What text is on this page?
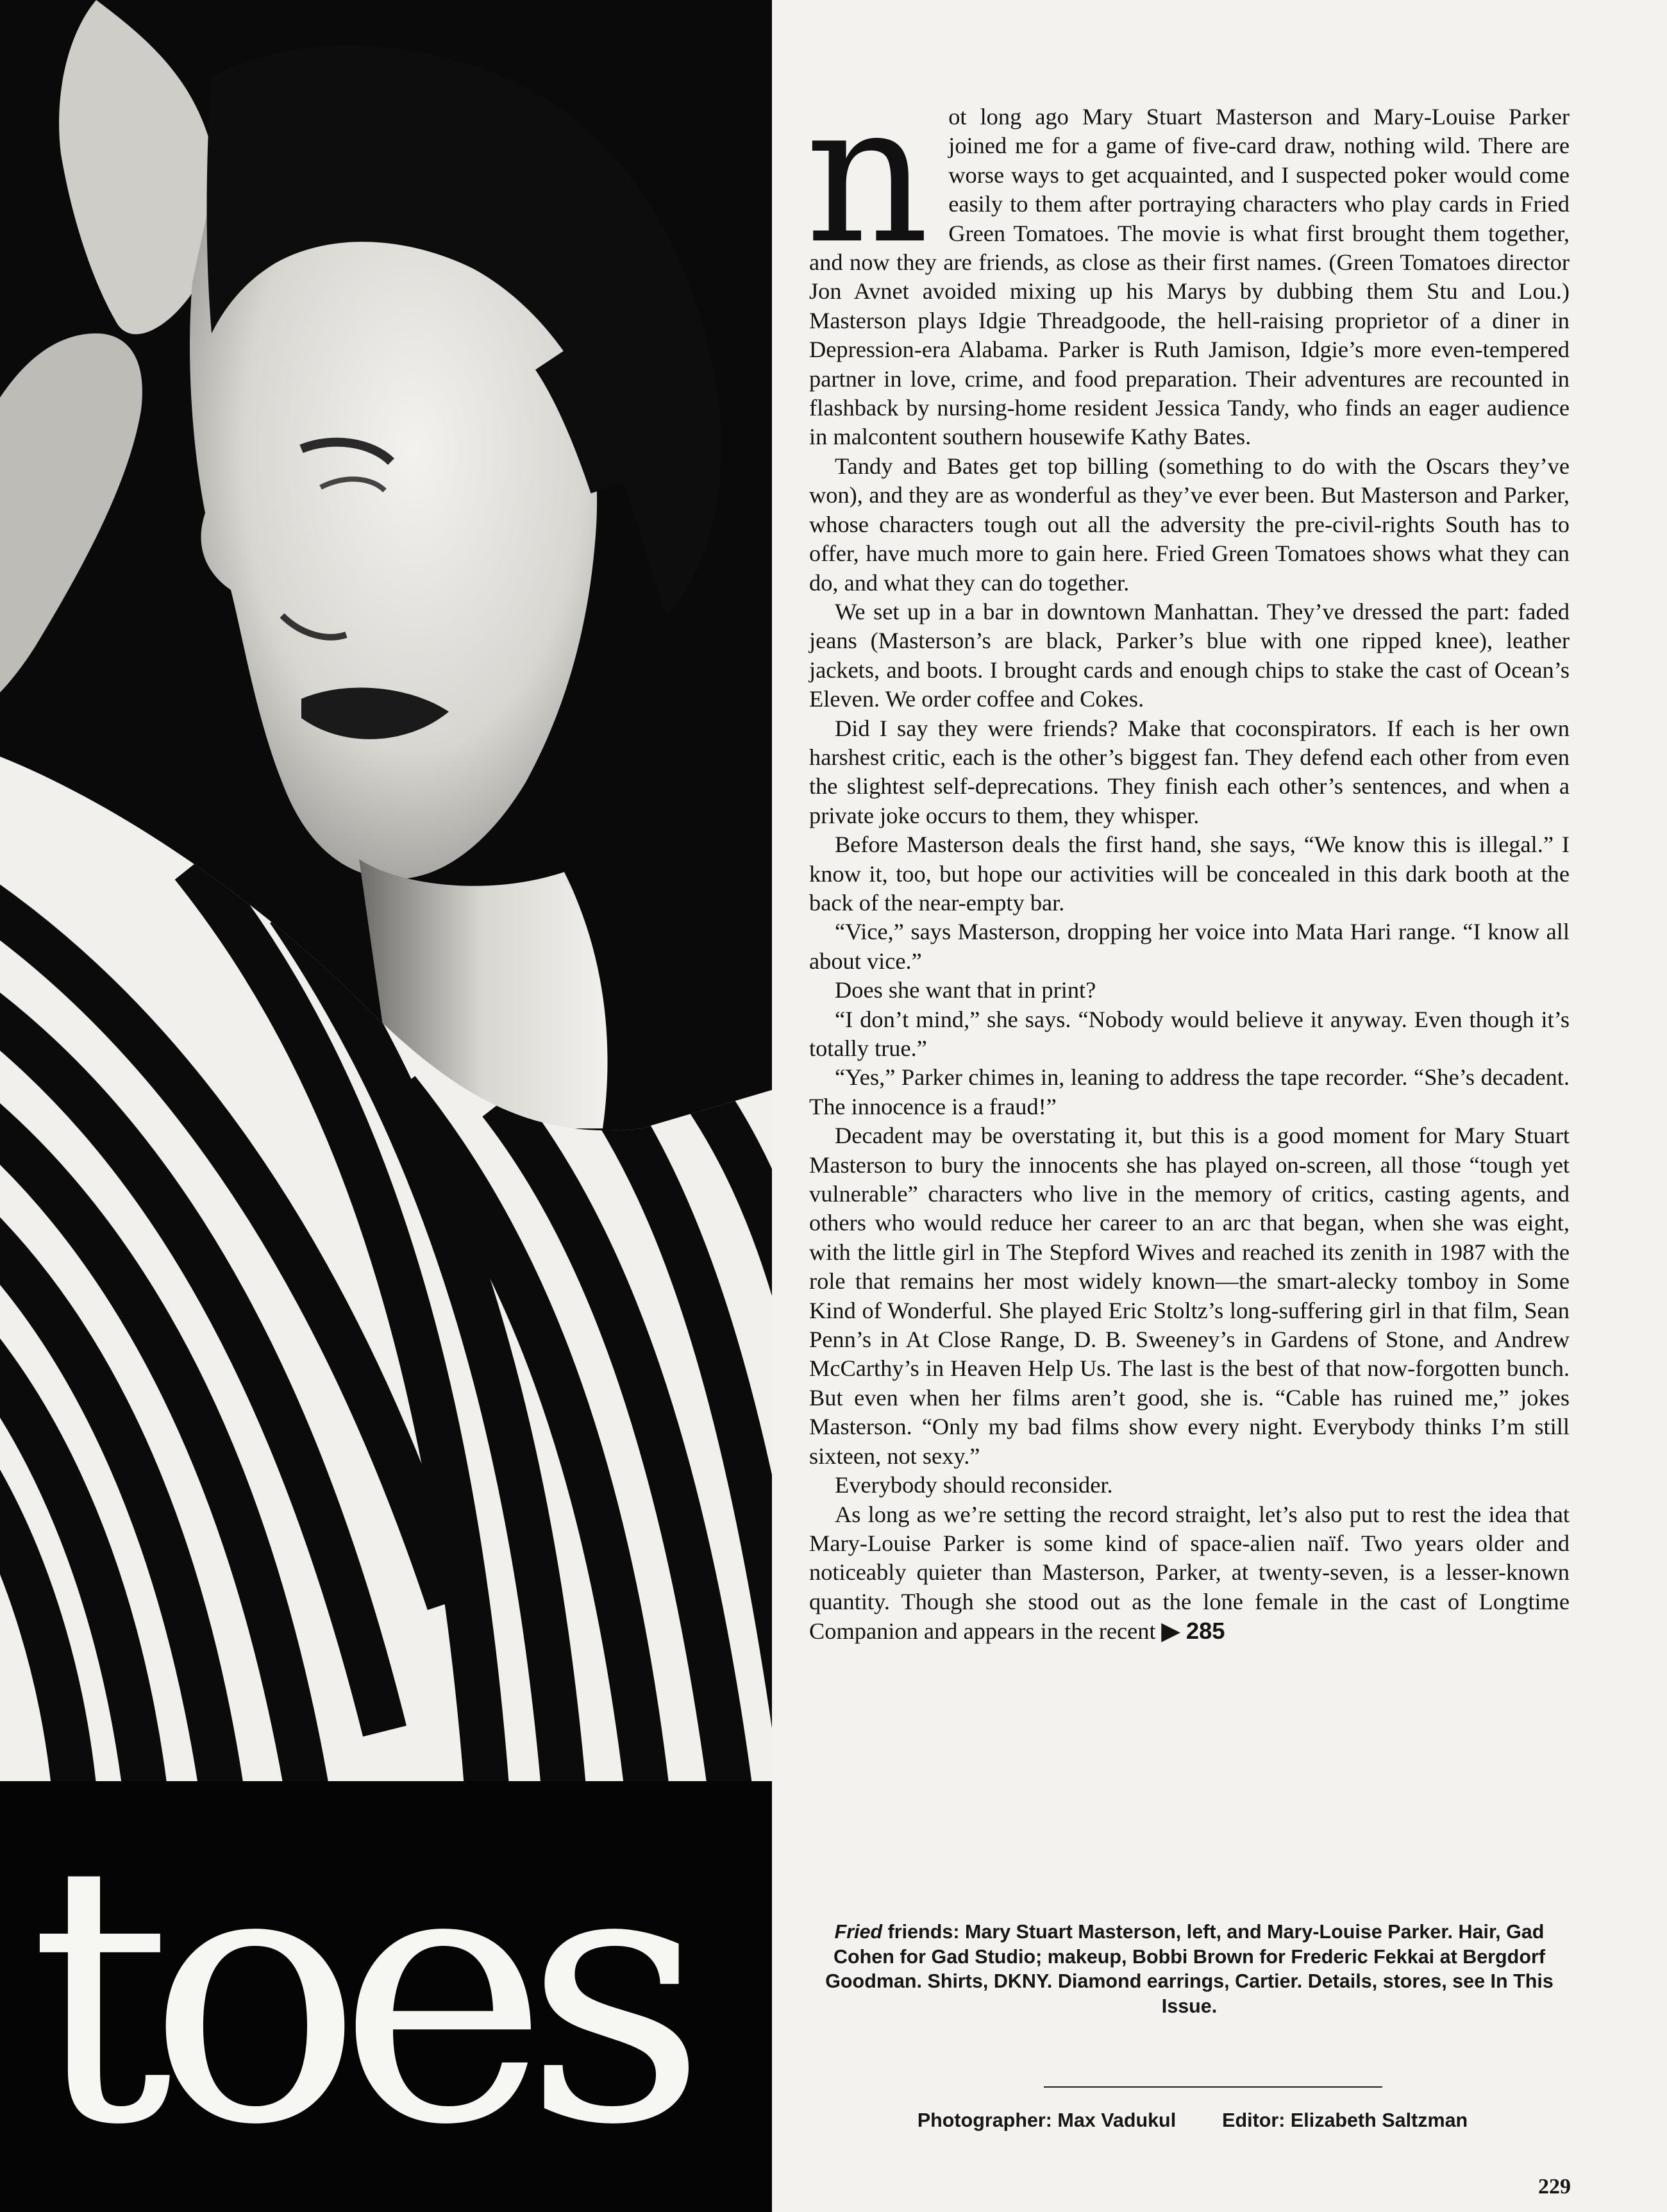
toes

not long ago Mary Stuart Masterson and Mary-Louise Parker joined me for a game of five-card draw, nothing wild. There are worse ways to get acquainted, and I suspected poker would come easily to them after portraying characters who play cards in Fried Green Tomatoes. The movie is what first brought them together, and now they are friends, as close as their first names. (Green Tomatoes director Jon Avnet avoided mixing up his Marys by dubbing them Stu and Lou.) Masterson plays Idgie Threadgoode, the hell-raising proprietor of a diner in Depression-era Alabama. Parker is Ruth Jamison, Idgie’s more even-tempered partner in love, crime, and food preparation. Their adventures are recounted in flashback by nursing-home resident Jessica Tandy, who finds an eager audience in malcontent southern housewife Kathy Bates.

Tandy and Bates get top billing (something to do with the Oscars they’ve won), and they are as wonderful as they’ve ever been. But Masterson and Parker, whose characters tough out all the adversity the pre-civil-rights South has to offer, have much more to gain here. Fried Green Tomatoes shows what they can do, and what they can do together.

We set up in a bar in downtown Manhattan. They’ve dressed the part: faded jeans (Masterson’s are black, Parker’s blue with one ripped knee), leather jackets, and boots. I brought cards and enough chips to stake the cast of Ocean’s Eleven. We order coffee and Cokes.

Did I say they were friends? Make that coconspirators. If each is her own harshest critic, each is the other’s biggest fan. They defend each other from even the slightest self-deprecations. They finish each other’s sentences, and when a private joke occurs to them, they whisper.

Before Masterson deals the first hand, she says, “We know this is illegal.” I know it, too, but hope our activities will be concealed in this dark booth at the back of the near-empty bar.

“Vice,” says Masterson, dropping her voice into Mata Hari range. “I know all about vice.”

Does she want that in print?

“I don’t mind,” she says. “Nobody would believe it anyway. Even though it’s totally true.”

“Yes,” Parker chimes in, leaning to address the tape recorder. “She’s decadent. The innocence is a fraud!”

Decadent may be overstating it, but this is a good moment for Mary Stuart Masterson to bury the innocents she has played on-screen, all those “tough yet vulnerable” characters who live in the memory of critics, casting agents, and others who would reduce her career to an arc that began, when she was eight, with the little girl in The Stepford Wives and reached its zenith in 1987 with the role that remains her most widely known—the smart-alecky tomboy in Some Kind of Wonderful. She played Eric Stoltz’s long-suffering girl in that film, Sean Penn’s in At Close Range, D. B. Sweeney’s in Gardens of Stone, and Andrew McCarthy’s in Heaven Help Us. The last is the best of that now-forgotten bunch. But even when her films aren’t good, she is. “Cable has ruined me,” jokes Masterson. “Only my bad films show every night. Everybody thinks I’m still sixteen, not sexy.”

Everybody should reconsider.

As long as we’re setting the record straight, let’s also put to rest the idea that Mary-Louise Parker is some kind of space-alien naïf. Two years older and noticeably quieter than Masterson, Parker, at twenty-seven, is a lesser-known quantity. Though she stood out as the lone female in the cast of Longtime Companion and appears in the recent ▶ 285

Fried friends: Mary Stuart Masterson, left, and Mary-Louise Parker. Hair, Gad Cohen for Gad Studio; makeup, Bobbi Brown for Frederic Fekkai at Bergdorf Goodman. Shirts, DKNY. Diamond earrings, Cartier. Details, stores, see In This Issue.
Photographer: Max Vadukul Editor: Elizabeth Saltzman
229
